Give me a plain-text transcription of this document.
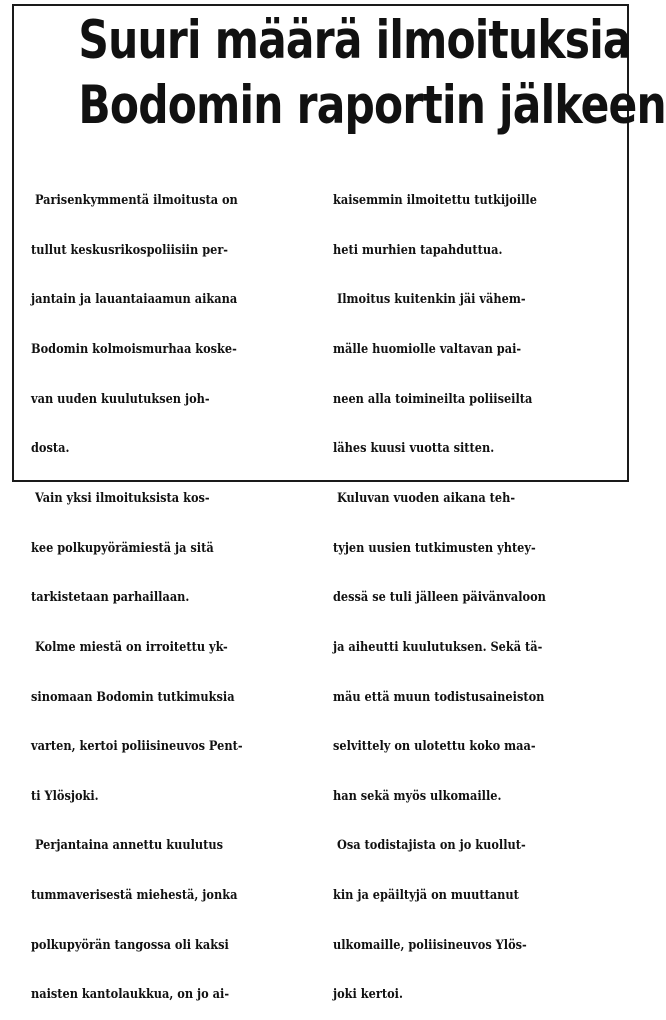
Suuri määrä ilmoituksia
Bodomin raportin jälkeen

Parisenkymmentä ilmoitusta on

tullut keskusrikospoliisiin per-

jantain ja lauantaiaamun aikana

Bodomin kolmoismurhaa koske-

van uuden kuulutuksen joh-

dosta.

Vain yksi ilmoituksista kos-

kee polkupyörämiestä ja sitä

tarkistetaan parhaillaan.

Kolme miestä on irroitettu yk-

sinomaan Bodomin tutkimuksia

varten, kertoi poliisineuvos Pent-

ti Ylösjoki.

Perjantaina annettu kuulutus

tummaverisestä miehestä, jonka

polkupyörän tangossa oli kaksi

naisten kantolaukkua, on jo ai-

kaisemmin ilmoitettu tutkijoille

heti murhien tapahduttua.

Ilmoitus kuitenkin jäi vähem-

mälle huomiolle valtavan pai-

neen alla toimineilta poliiseilta

lähes kuusi vuotta sitten.

Kuluvan vuoden aikana teh-

tyjen uusien tutkimusten yhtey-

dessä se tuli jälleen päivänvaloon

ja aiheutti kuulutuksen. Sekä tä-

mäu että muun todistusaineiston

selvittely on ulotettu koko maa-

han sekä myös ulkomaille.

Osa todistajista on jo kuollut-

kin ja epäiltyjä on muuttanut

ulkomaille, poliisineuvos Ylös-

joki kertoi.
